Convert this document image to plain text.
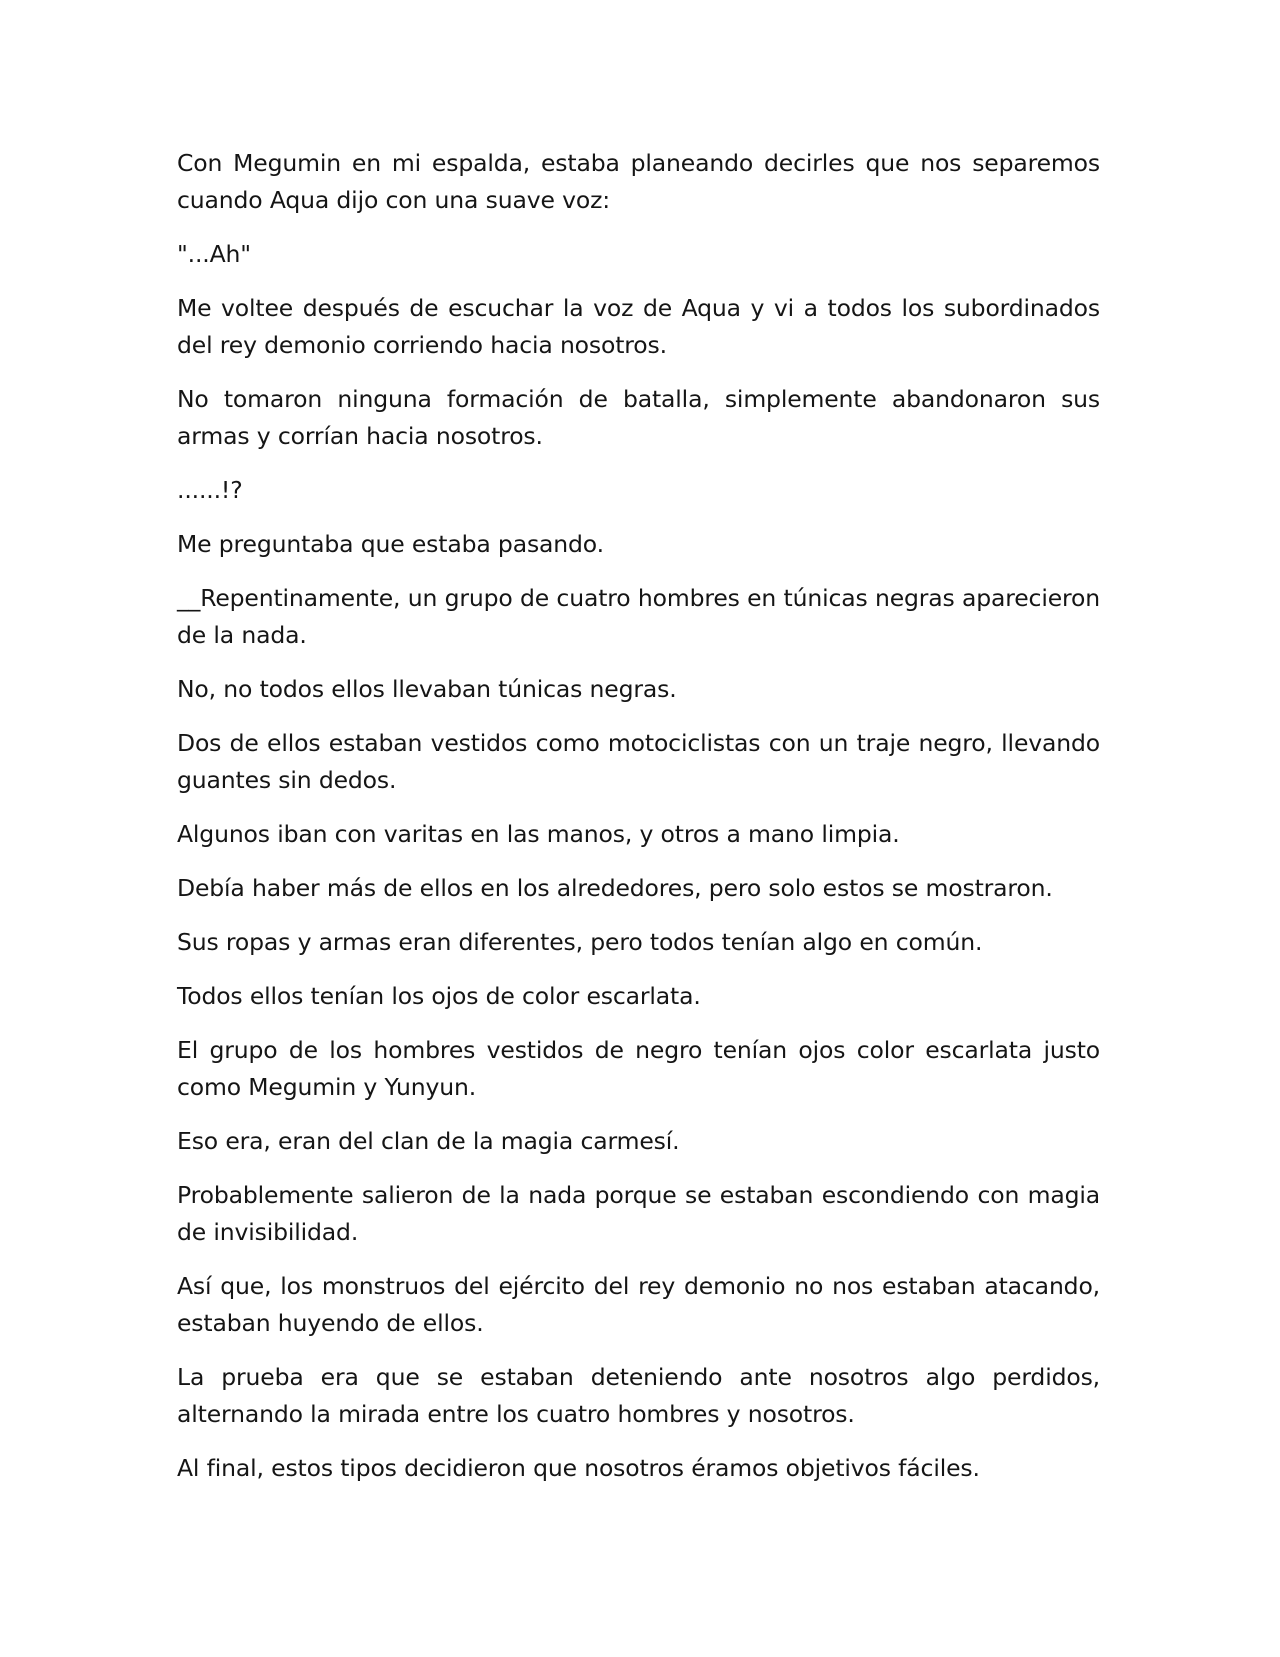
Con Megumin en mi espalda, estaba planeando decirles que nos separemos cuando Aqua dijo con una suave voz:

"...Ah"

Me voltee después de escuchar la voz de Aqua y vi a todos los subordinados del rey demonio corriendo hacia nosotros.

No tomaron ninguna formación de batalla, simplemente abandonaron sus armas y corrían hacia nosotros.

......!?

Me preguntaba que estaba pasando.

__Repentinamente, un grupo de cuatro hombres en túnicas negras aparecieron de la nada.

No, no todos ellos llevaban túnicas negras.

Dos de ellos estaban vestidos como motociclistas con un traje negro, llevando guantes sin dedos.

Algunos iban con varitas en las manos, y otros a mano limpia.

Debía haber más de ellos en los alrededores, pero solo estos se mostraron.

Sus ropas y armas eran diferentes, pero todos tenían algo en común.

Todos ellos tenían los ojos de color escarlata.

El grupo de los hombres vestidos de negro tenían ojos color escarlata justo como Megumin y Yunyun.

Eso era, eran del clan de la magia carmesí.

Probablemente salieron de la nada porque se estaban escondiendo con magia de invisibilidad.

Así que, los monstruos del ejército del rey demonio no nos estaban atacando, estaban huyendo de ellos.

La prueba era que se estaban deteniendo ante nosotros algo perdidos, alternando la mirada entre los cuatro hombres y nosotros.

Al final, estos tipos decidieron que nosotros éramos objetivos fáciles.
